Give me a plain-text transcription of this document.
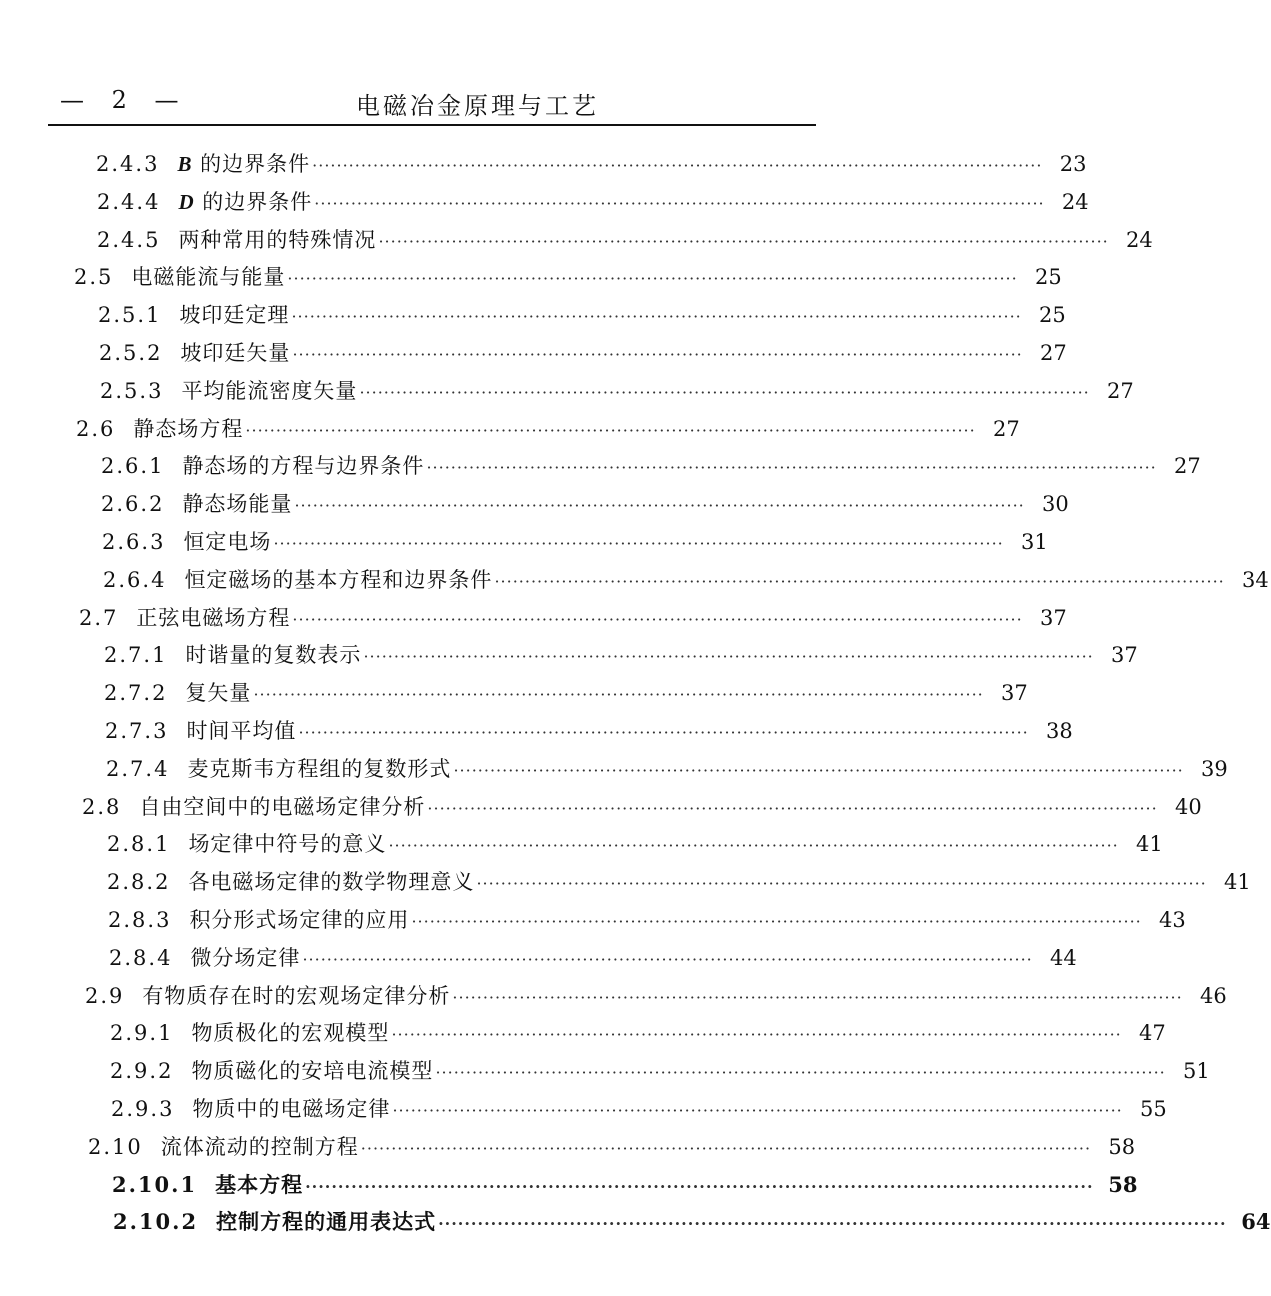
— 2 —	电磁冶金原理与工艺
2.4.3 B 的边界条件 ························································································································ 23
2.4.4 D 的边界条件 ························································································································ 24
2.4.5 两种常用的特殊情况 ························································································································ 24
2.5 电磁能流与能量 ························································································································ 25
2.5.1 坡印廷定理 ························································································································ 25
2.5.2 坡印廷矢量 ························································································································ 27
2.5.3 平均能流密度矢量 ························································································································ 27
2.6 静态场方程 ························································································································ 27
2.6.1 静态场的方程与边界条件 ························································································································ 27
2.6.2 静态场能量 ························································································································ 30
2.6.3 恒定电场 ························································································································ 31
2.6.4 恒定磁场的基本方程和边界条件 ························································································································ 34
2.7 正弦电磁场方程 ························································································································ 37
2.7.1 时谐量的复数表示 ························································································································ 37
2.7.2 复矢量 ························································································································ 37
2.7.3 时间平均值 ························································································································ 38
2.7.4 麦克斯韦方程组的复数形式 ························································································································ 39
2.8 自由空间中的电磁场定律分析 ························································································································ 40
2.8.1 场定律中符号的意义 ························································································································ 41
2.8.2 各电磁场定律的数学物理意义 ························································································································ 41
2.8.3 积分形式场定律的应用 ························································································································ 43
2.8.4 微分场定律 ························································································································ 44
2.9 有物质存在时的宏观场定律分析 ························································································································ 46
2.9.1 物质极化的宏观模型 ························································································································ 47
2.9.2 物质磁化的安培电流模型 ························································································································ 51
2.9.3 物质中的电磁场定律 ························································································································ 55
2.10 流体流动的控制方程 ························································································································ 58
2.10.1 基本方程 ························································································································ 58
2.10.2 控制方程的通用表达式 ························································································································ 64
